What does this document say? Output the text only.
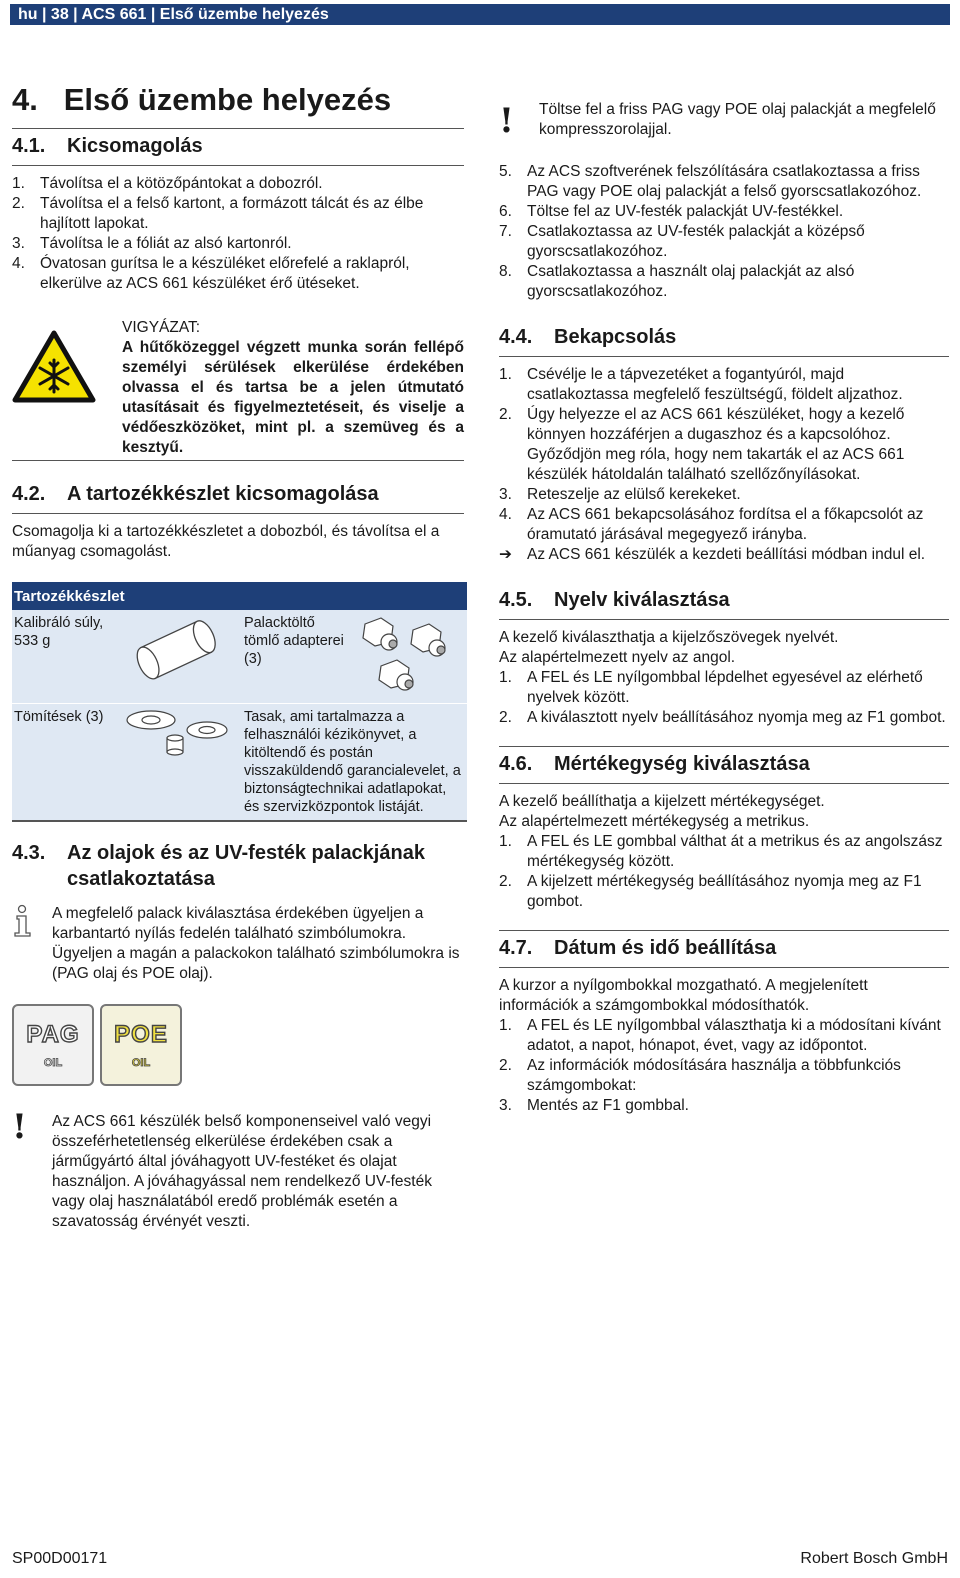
hu | 38 | ACS 661 | Első üzembe helyezés
4.   Első üzembe helyezés
4.1.	Kicsomagolás
1. Távolítsa el a kötözőpántokat a dobozról.
2. Távolítsa el a felső kartont, a formázott tálcát és az élbe hajlított lapokat.
3. Távolítsa le a fóliát az alsó kartonról.
4. Óvatosan gurítsa le a készüléket előrefelé a raklapról, elkerülve az ACS 661 készüléket érő ütéseket.
VIGYÁZAT:
A hűtőközeggel végzett munka során fellépő személyi sérülések elkerülése érdekében olvassa el és tartsa be a jelen útmutató utasításait és figyelmeztetéseit, és viselje a védőeszközöket, mint pl. a szemüveg és a kesztyű.
4.2.	A tartozékkészlet kicsomagolása

Csomagolja ki a tartozékkészletet a dobozból, és távolítsa el a műanyag csomagolást.

Tartozékkészlet			
Kalibráló súly, 533 g		Palacktöltő tömlő adapterei (3)	
Tömítések (3)		Tasak, ami tartalmazza a felhasználói kézikönyvet, a kitöltendő és postán visszaküldendő garancialevelet, a biztonságtechnikai adatlapokat, és szervizközpontok listáját.	
4.3.	Az olajok és az UV-festék palackjának csatlakoztatása

A megfelelő palack kiválasztása érdekében ügyeljen a karbantartó nyílás fedelén található szimbólumokra. Ügyeljen a magán a palackokon található szimbólumokra is (PAG olaj és POE olaj).

PAG
OIL
POE
OIL
!	Az ACS 661 készülék belső komponenseivel való vegyi összeférhetetlenség elkerülése érdekében csak a járműgyártó által jóváhagyott UV-festéket és olajat használjon. A jóváhagyással nem rendelkező UV-festék vagy olaj használatából eredő problémák esetén a szavatosság érvényét veszti.

!	Töltse fel a friss PAG vagy POE olaj palackját a megfelelő kompresszorolajjal.

5. Az ACS szoftverének felszólítására csatlakoztassa a friss PAG vagy POE olaj palackját a felső gyorscsatlakozóhoz.
6. Töltse fel az UV-festék palackját UV-festékkel.
7. Csatlakoztassa az UV-festék palackját a középső gyorscsatlakozóhoz.
8. Csatlakoztassa a használt olaj palackját az alsó gyorscsatlakozóhoz.
4.4.	Bekapcsolás
1. Csévélje le a tápvezetéket a fogantyúról, majd csatlakoztassa megfelelő feszültségű, földelt aljzathoz.
2. Úgy helyezze el az ACS 661 készüléket, hogy a kezelő könnyen hozzáférjen a dugaszhoz és a kapcsolóhoz. Győződjön meg róla, hogy nem takarták el az ACS 661 készülék hátoldalán található szellőzőnyílásokat.
3. Reteszelje az elülső kerekeket.
4. Az ACS 661 bekapcsolásához fordítsa el a főkapcsolót az óramutató járásával megegyező irányba.
➔ Az ACS 661 készülék a kezdeti beállítási módban indul el.
4.5.	Nyelv kiválasztása

A kezelő kiválaszthatja a kijelzőszövegek nyelvét.

Az alapértelmezett nyelv az angol.

1. A FEL és LE nyílgombbal lépdelhet egyesével az elérhető nyelvek között.
2. A kiválasztott nyelv beállításához nyomja meg az F1 gombot.
4.6.	Mértékegység kiválasztása

A kezelő beállíthatja a kijelzett mértékegységet.

Az alapértelmezett mértékegység a metrikus.

1. A FEL és LE gombbal válthat át a metrikus és az angolszász mértékegység között.
2. A kijelzett mértékegység beállításához nyomja meg az F1 gombot.
4.7.	Dátum és idő beállítása

A kurzor a nyílgombokkal mozgatható. A megjelenített információk a számgombokkal módosíthatók.

1. A FEL és LE nyílgombbal választhatja ki a módosítani kívánt adatot, a napot, hónapot, évet, vagy az időpontot.
2. Az információk módosítására használja a többfunkciós számgombokat:
3. Mentés az F1 gombbal.
SP00D00171	Robert Bosch GmbH
